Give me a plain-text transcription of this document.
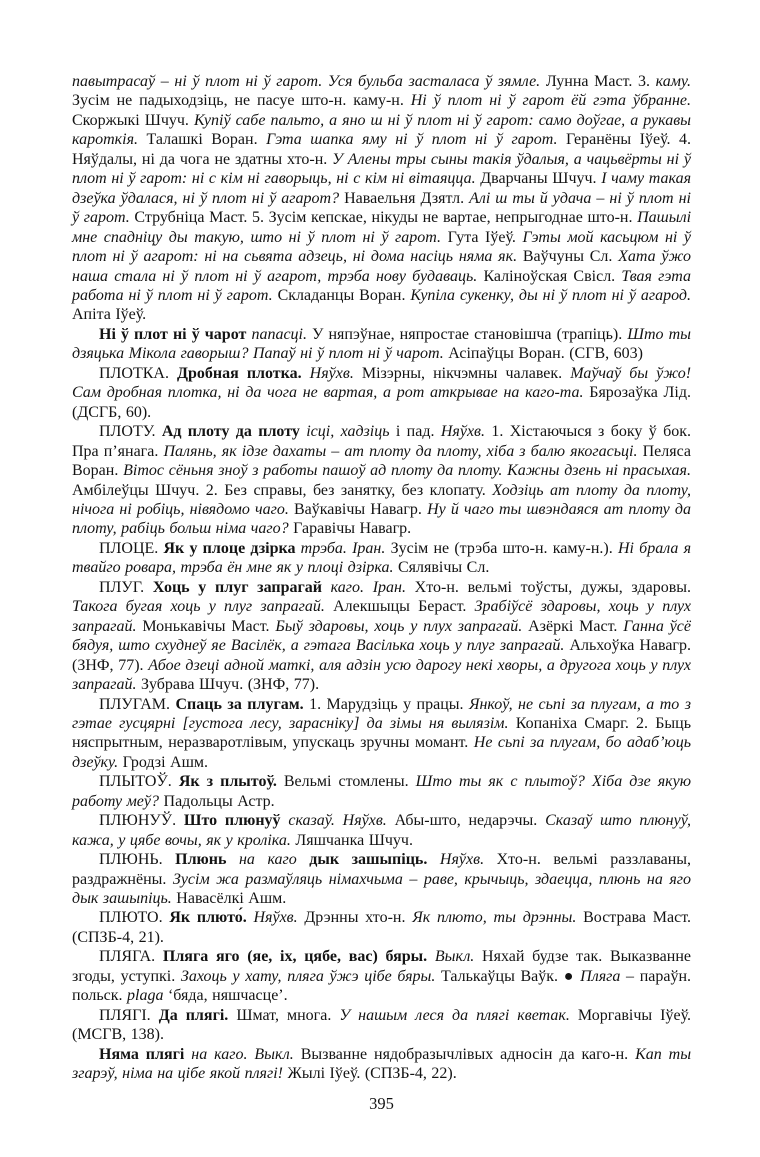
павытрасаў – ні ў плот ні ў гарот. Уся бульба засталаса ў зямле. Лунна Маст. 3. каму. Зусім не падыходзіць, не пасуе што-н. каму-н. Ні ў плот ні ў гарот ёй гэта ўбранне. Скоржыкі Шчуч. Купіў сабе пальто, а яно ш ні ў плот ні ў гарот: само доўгае, а рукавы кароткія. Талашкі Воран. Гэта шапка яму ні ў плот ні ў гарот. Геранёны Іўеў. 4. Няўдалы, ні да чога не здатны хто-н. У Алены тры сыны такія ўдалыя, а чацьвёрты ні ў плот ні ў гарот: ні с кім ні гаворыць, ні с кім ні вітаяцца. Дварчаны Шчуч. І чаму такая дзеўка ўдалася, ні ў плот ні ў агарот? Наваельня Дзятл. Алі ш ты й удача – ні ў плот ні ў гарот. Струбніца Маст. 5. Зусім кепскае, нікуды не вартае, непрыгоднае што-н. Пашылі мне спадніцу ды такую, што ні ў плот ні ў гарот. Гута Іўеў. Гэты мой касьцюм ні ў плот ні ў агарот: ні на сьвята адзець, ні дома насіць няма як. Ваўчуны Сл. Хата ўжо наша стала ні ў плот ні ў агарот, трэба нову будаваць. Каліноўская Свісл. Твая гэта работа ні ў плот ні ў гарот. Складанцы Воран. Купіла сукенку, ды ні ў плот ні ў агарод. Апіта Іўеў.

Ні ў плот ні ў чарот папасці. У няпэўнае, няпростае становішча (трапіць). Што ты дзяцька Мікола гаворыш? Папаў ні ў плот ні ў чарот. Асіпаўцы Воран. (СГВ, 603)

ПЛОТКА. Дробная плотка. Няўхв. Мізэрны, нікчэмны чалавек. Маўчаў бы ўжо! Сам дробная плотка, ні да чога не вартая, а рот аткрывае на каго-та. Бярозаўка Лід. (ДСГБ, 60).

ПЛОТУ. Ад плоту да плоту ісці, хадзіць і пад. Няўхв. 1. Хістаючыся з боку ў бок. Пра п’янага. Палянь, як ідзе дахаты – ат плоту да плоту, хіба з балю якогасьці. Пеляса Воран. Вітос сёньня зноў з работы пашоў ад плоту да плоту. Кажны дзень ні прасыхая. Амбілеўцы Шчуч. 2. Без справы, без занятку, без клопату. Ходзіць ат плоту да плоту, нічога ні робіць, нівядомо чаго. Ваўкавічы Навагр. Ну й чаго ты швэндаяся ат плоту да плоту, рабіць больш німа чаго? Гаравічы Навагр.

ПЛОЦЕ. Як у плоце дзірка трэба. Іран. Зусім не (трэба што-н. каму-н.). Ні брала я твайго ровара, трэба ён мне як у плоці дзірка. Сялявічы Сл.

ПЛУГ. Хоць у плуг запрагай каго. Іран. Хто-н. вельмі тоўсты, дужы, здаровы. Такога бугая хоць у плуг запрагай. Алекшыцы Бераст. Зрабіўсё здаровы, хоць у плух запрагай. Монькавічы Маст. Быў здаровы, хоць у плух запрагай. Азёркі Маст. Ганна ўсё бядуя, што схуднеў яе Васілёк, а гэтага Васілька хоць у плуг запрагай. Альхоўка Навагр. (ЗНФ, 77). Абое дзеці адной маткі, аля адзін усю дарогу некі хворы, а другога хоць у плух запрагай. Зубрава Шчуч. (ЗНФ, 77).

ПЛУГАМ. Спаць за плугам. 1. Марудзіць у працы. Янкоў, не сьпі за плугам, а то з гэтае гусцярні [густога лесу, зарасніку] да зімы ня вылязім. Копаніха Смарг. 2. Быць няспрытным, неразваротлівым, упускаць зручны момант. Не сьпі за плугам, бо адаб’юць дзеўку. Гродзі Ашм.

ПЛЫТОЎ. Як з плытоў. Вельмі стомлены. Што ты як с плытоў? Хіба дзе якую работу меў? Падольцы Астр.

ПЛЮНУЎ. Што плюнуў сказаў. Няўхв. Абы-што, недарэчы. Сказаў што плюнуў, кажа, у цябе вочы, як у кроліка. Ляшчанка Шчуч.

ПЛЮНЬ. Плюнь на каго дык зашыпіць. Няўхв. Хто-н. вельмі раззлаваны, раздражнёны. Зусім жа размаўляць німахчыма – раве, крычыць, здаецца, плюнь на яго дык зашыпіць. Навасёлкі Ашм.

ПЛЮТО. Як плюто́. Няўхв. Дрэнны хто-н. Як плюто, ты дрэнны. Вострава Маст. (СПЗБ-4, 21).

ПЛЯГА. Пляга яго (яе, іх, цябе, вас) бяры. Выкл. Няхай будзе так. Выказванне згоды, уступкі. Захоць у хату, пляга ўжэ цібе бяры. Талькаўцы Ваўк. ● Пляга – параўн. польск. plaga ‘бяда, няшчасце’.

ПЛЯГІ. Да плягі. Шмат, многа. У нашым леся да плягі кветак. Моргавічы Іўеў. (МСГВ, 138).

Няма плягі на каго. Выкл. Вызванне нядобразычлівых адносін да каго-н. Кап ты згарэў, німа на цібе якой плягі! Жылі Іўеў. (СПЗБ-4, 22).

395
